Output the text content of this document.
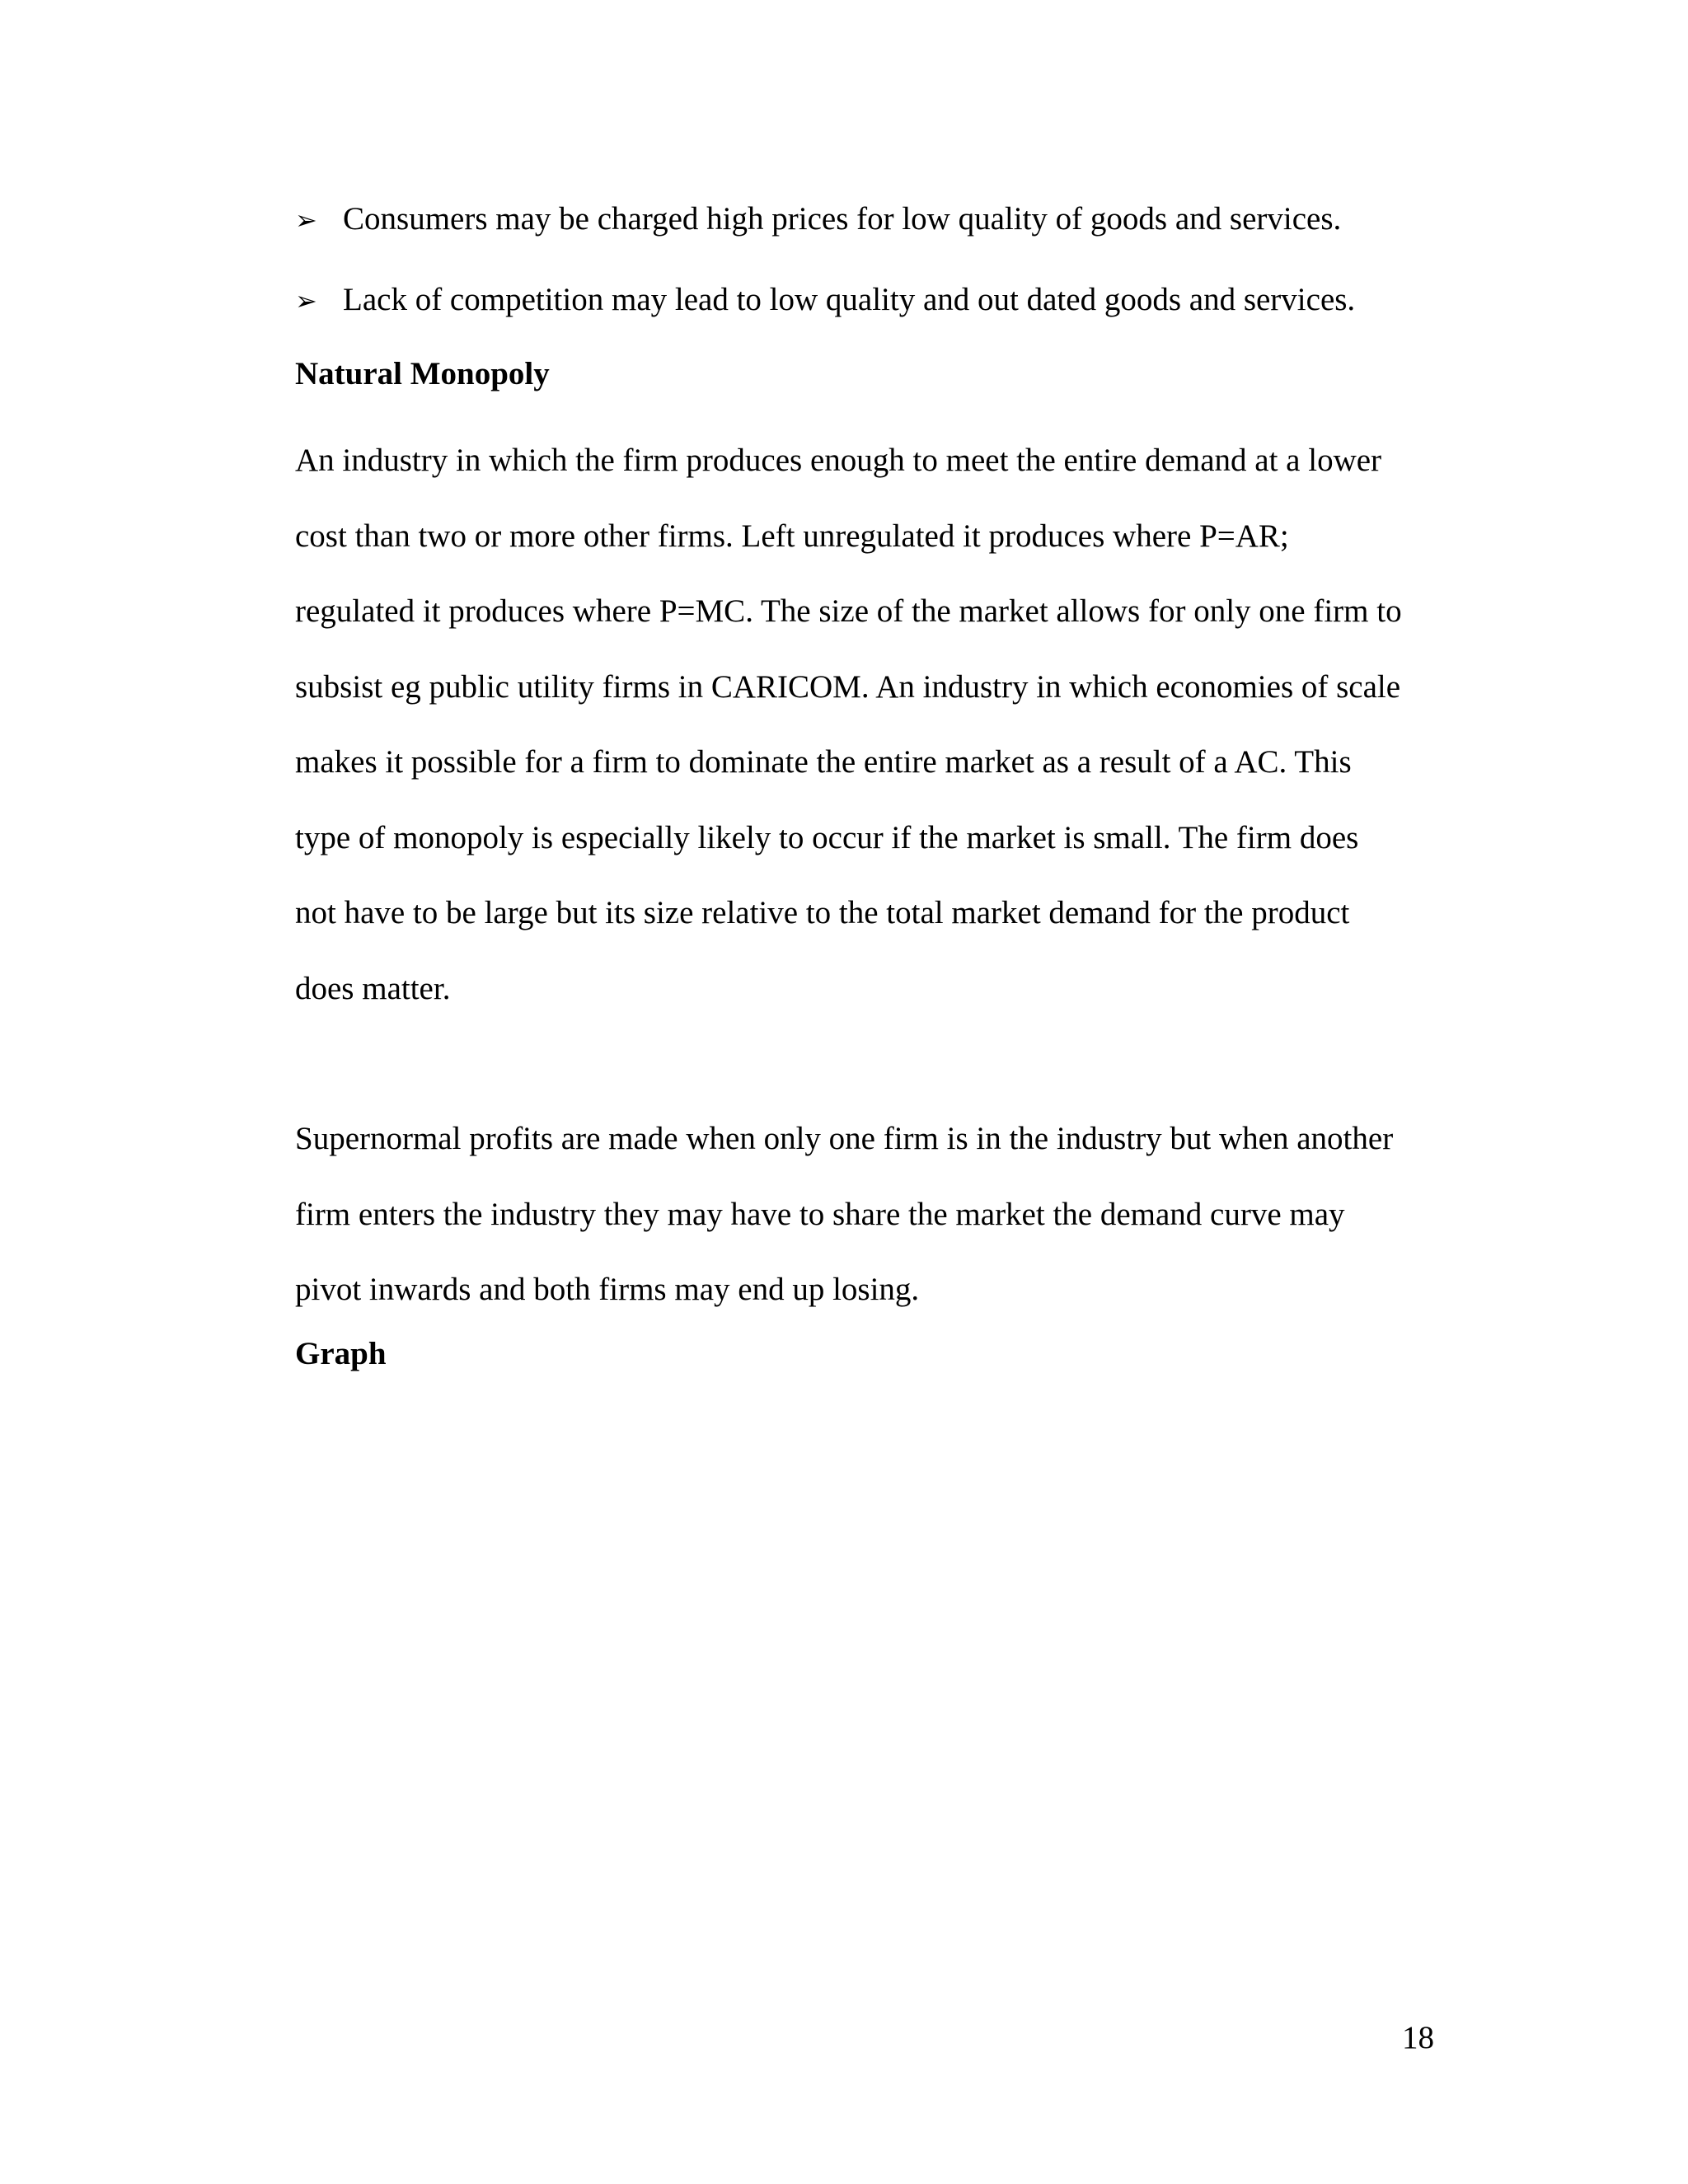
➢ Consumers may be charged high prices for low quality of goods and services.
➢ Lack of competition may lead to low quality and out dated goods and services.
Natural Monopoly

An industry in which the firm produces enough to meet the entire demand at a lower
cost than two or more other firms. Left unregulated it produces where P=AR;
regulated it produces where P=MC. The size of the market allows for only one firm to
subsist eg public utility firms in CARICOM. An industry in which economies of scale
makes it possible for a firm to dominate the entire market as a result of a AC. This
type of monopoly is especially likely to occur if the market is small. The firm does
not have to be large but its size relative to the total market demand for the product
does matter.

Supernormal profits are made when only one firm is in the industry but when another
firm enters the industry they may have to share the market the demand curve may
pivot inwards and both firms may end up losing.

Graph
18
